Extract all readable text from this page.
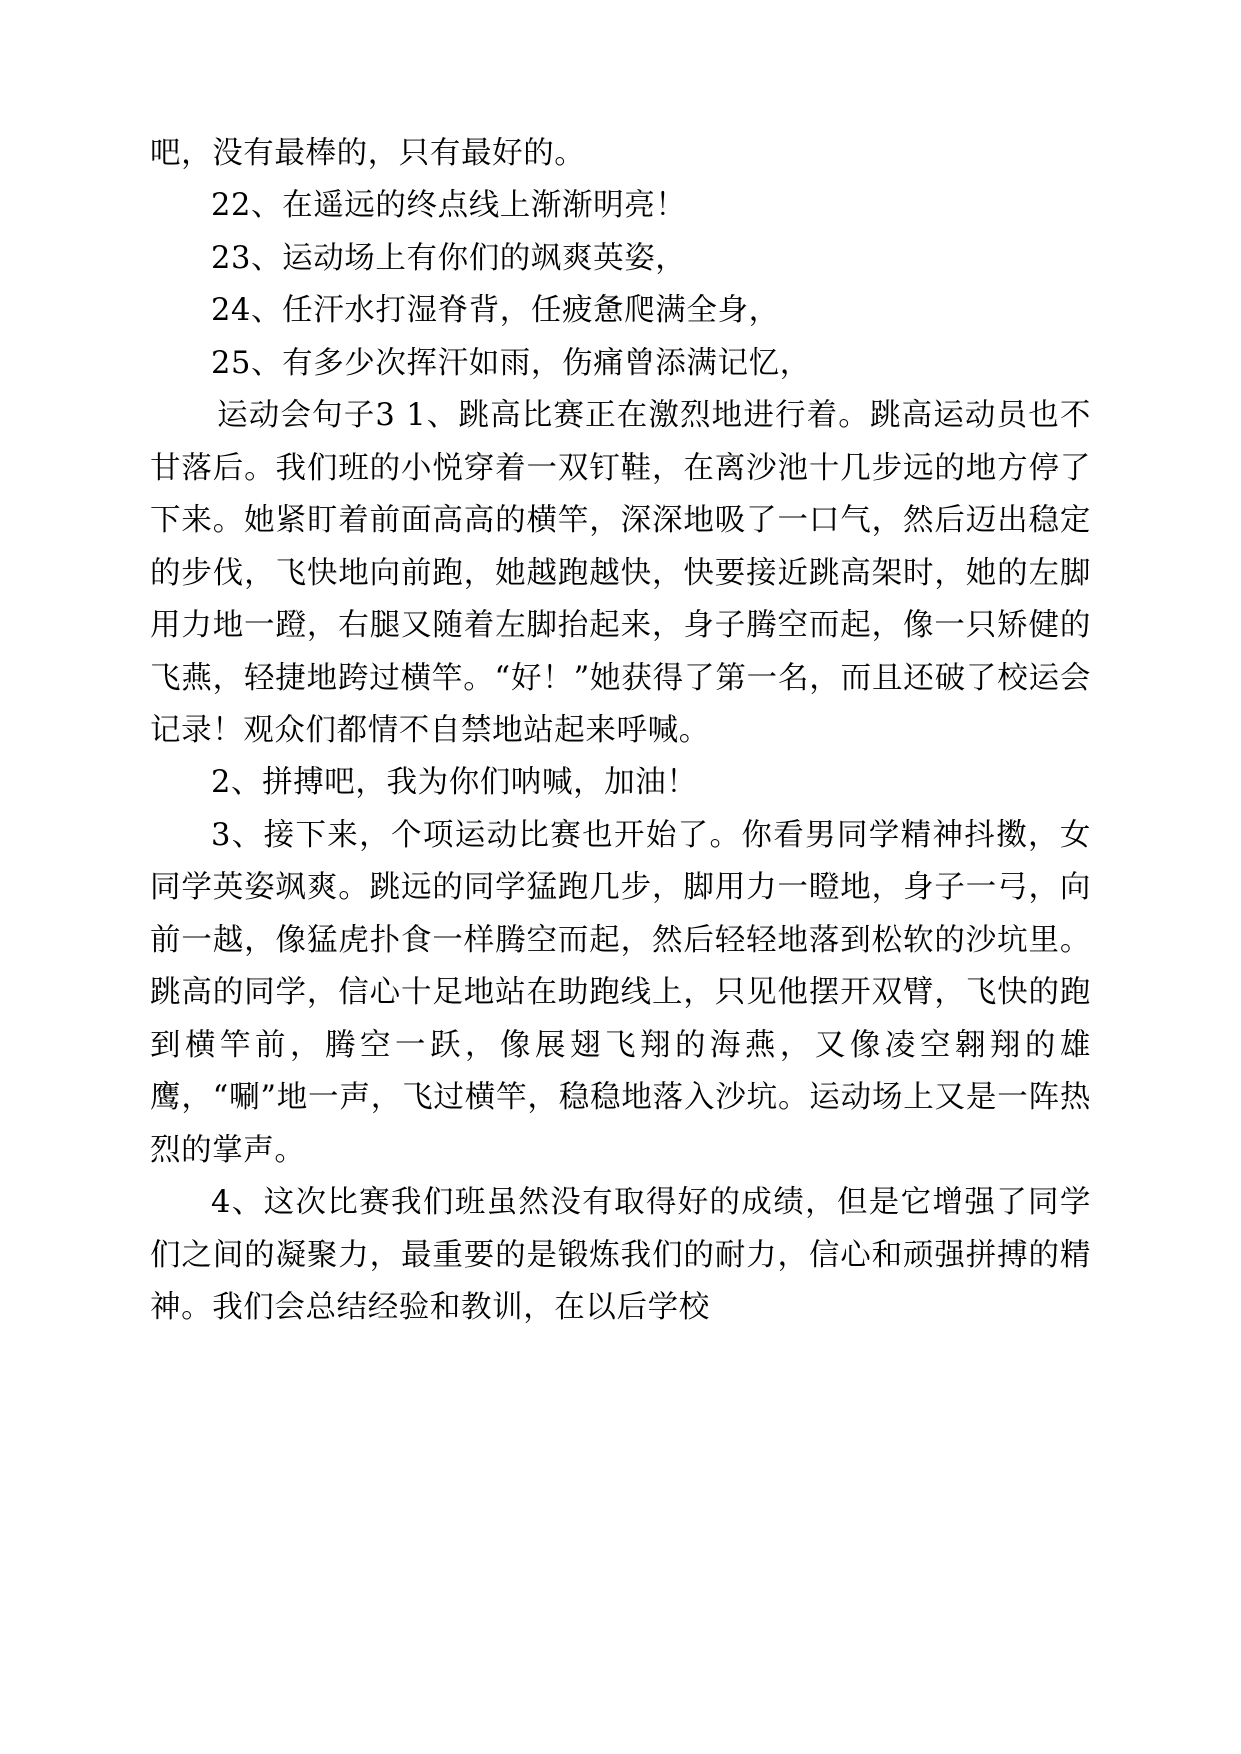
吧，没有最棒的，只有最好的。

22、在遥远的终点线上渐渐明亮！

23、运动场上有你们的飒爽英姿，

24、任汗水打湿脊背，任疲惫爬满全身，

25、有多少次挥汗如雨，伤痛曾添满记忆，

运动会句子3 1、跳高比赛正在激烈地进行着。跳高运动员也不甘落后。我们班的小悦穿着一双钉鞋，在离沙池十几步远的地方停了下来。她紧盯着前面高高的横竿，深深地吸了一口气，然后迈出稳定的步伐，飞快地向前跑，她越跑越快，快要接近跳高架时，她的左脚用力地一蹬，右腿又随着左脚抬起来，身子腾空而起，像一只矫健的飞燕，轻捷地跨过横竿。“好！”她获得了第一名，而且还破了校运会记录！观众们都情不自禁地站起来呼喊。

2、拼搏吧，我为你们呐喊，加油！

3、接下来，个项运动比赛也开始了。你看男同学精神抖擞，女同学英姿飒爽。跳远的同学猛跑几步，脚用力一瞪地，身子一弓，向前一越，像猛虎扑食一样腾空而起，然后轻轻地落到松软的沙坑里。跳高的同学，信心十足地站在助跑线上，只见他摆开双臂，飞快的跑到横竿前，腾空一跃，像展翅飞翔的海燕，又像凌空翱翔的雄鹰，“唰”地一声，飞过横竿，稳稳地落入沙坑。运动场上又是一阵热烈的掌声。

4、这次比赛我们班虽然没有取得好的成绩，但是它增强了同学们之间的凝聚力，最重要的是锻炼我们的耐力，信心和顽强拼搏的精神。我们会总结经验和教训，在以后学校
